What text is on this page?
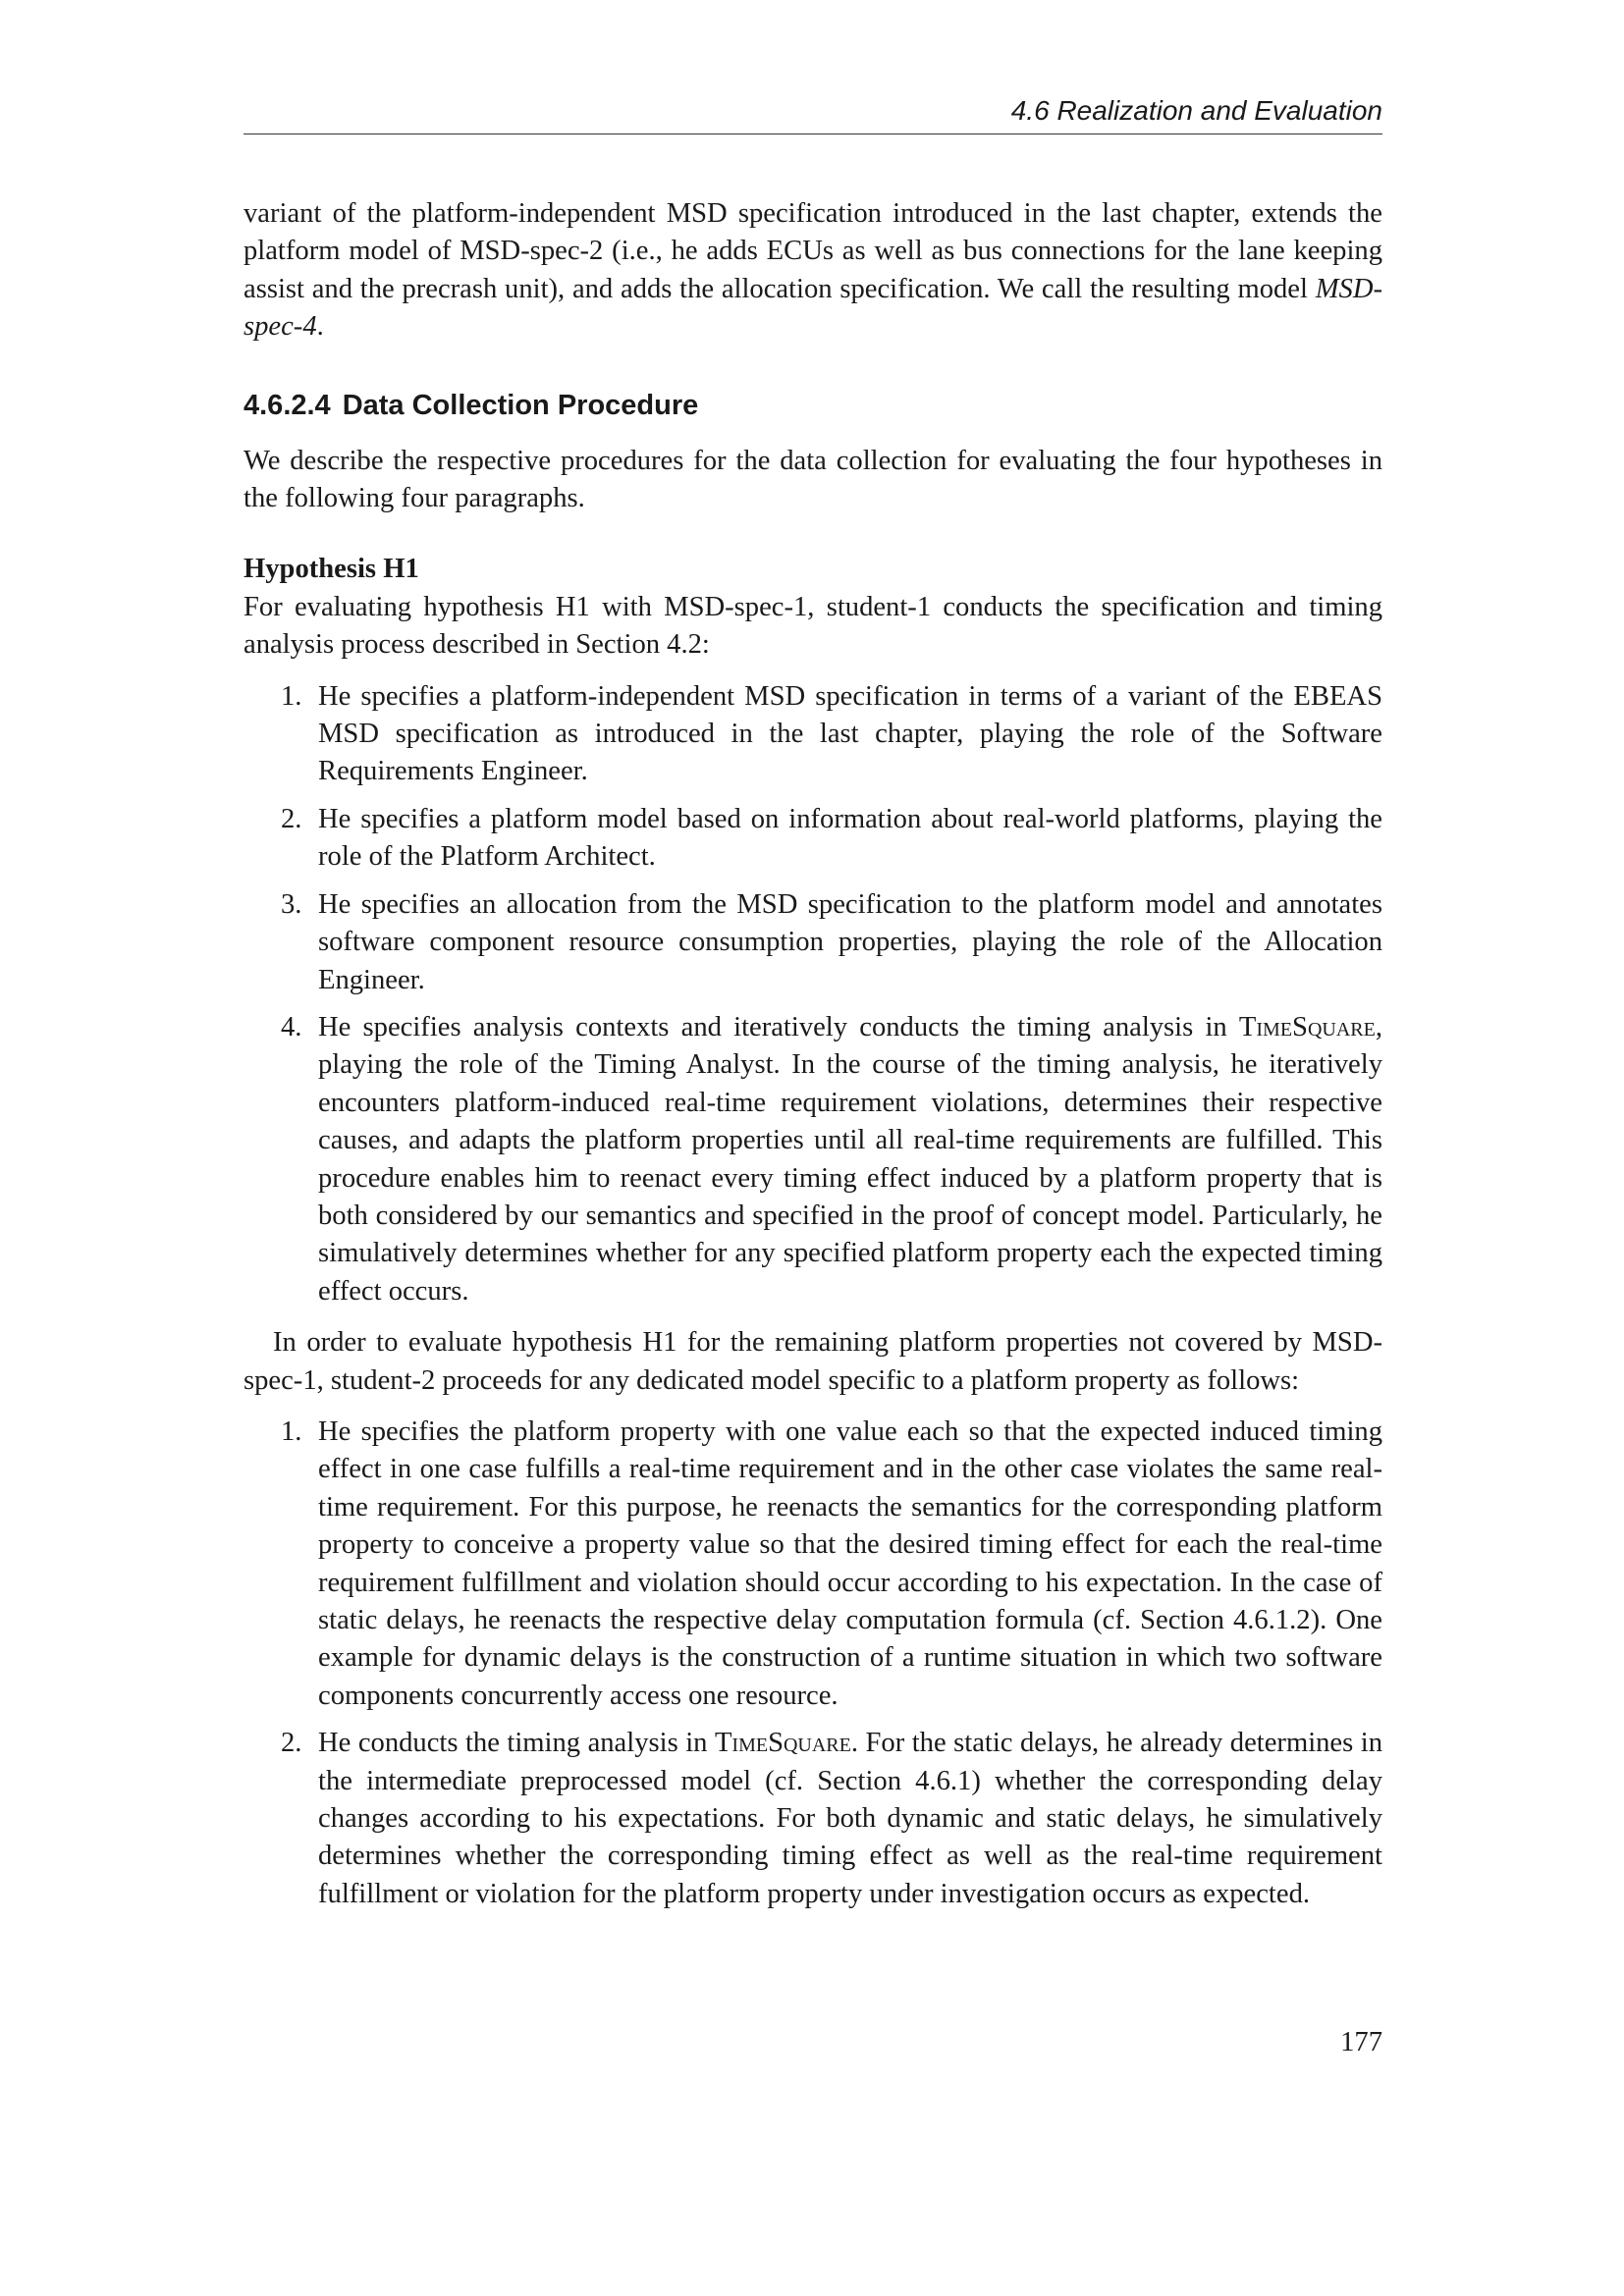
4.6 Realization and Evaluation

variant of the platform-independent MSD specification introduced in the last chapter, extends the platform model of MSD-spec-2 (i.e., he adds ECUs as well as bus connections for the lane keeping assist and the precrash unit), and adds the allocation specification. We call the resulting model MSD-spec-4.

4.6.2.4 Data Collection Procedure

We describe the respective procedures for the data collection for evaluating the four hypotheses in the following four paragraphs.

Hypothesis H1

For evaluating hypothesis H1 with MSD-spec-1, student-1 conducts the specification and timing analysis process described in Section 4.2:

1. He specifies a platform-independent MSD specification in terms of a variant of the EBEAS MSD specification as introduced in the last chapter, playing the role of the Software Requirements Engineer.
2. He specifies a platform model based on information about real-world platforms, playing the role of the Platform Architect.
3. He specifies an allocation from the MSD specification to the platform model and annotates software component resource consumption properties, playing the role of the Allocation Engineer.
4. He specifies analysis contexts and iteratively conducts the timing analysis in TimeSquare, playing the role of the Timing Analyst. In the course of the timing analysis, he iteratively encounters platform-induced real-time requirement violations, determines their respective causes, and adapts the platform properties until all real-time requirements are fulfilled. This procedure enables him to reenact every timing effect induced by a platform property that is both considered by our semantics and specified in the proof of concept model. Particularly, he simulatively determines whether for any specified platform property each the expected timing effect occurs.

In order to evaluate hypothesis H1 for the remaining platform properties not covered by MSD-spec-1, student-2 proceeds for any dedicated model specific to a platform property as follows:

1. He specifies the platform property with one value each so that the expected induced timing effect in one case fulfills a real-time requirement and in the other case violates the same real-time requirement. For this purpose, he reenacts the semantics for the corresponding platform property to conceive a property value so that the desired timing effect for each the real-time requirement fulfillment and violation should occur according to his expectation. In the case of static delays, he reenacts the respective delay computation formula (cf. Section 4.6.1.2). One example for dynamic delays is the construction of a runtime situation in which two software components concurrently access one resource.
2. He conducts the timing analysis in TimeSquare. For the static delays, he already determines in the intermediate preprocessed model (cf. Section 4.6.1) whether the corresponding delay changes according to his expectations. For both dynamic and static delays, he simulatively determines whether the corresponding timing effect as well as the real-time requirement fulfillment or violation for the platform property under investigation occurs as expected.
177
